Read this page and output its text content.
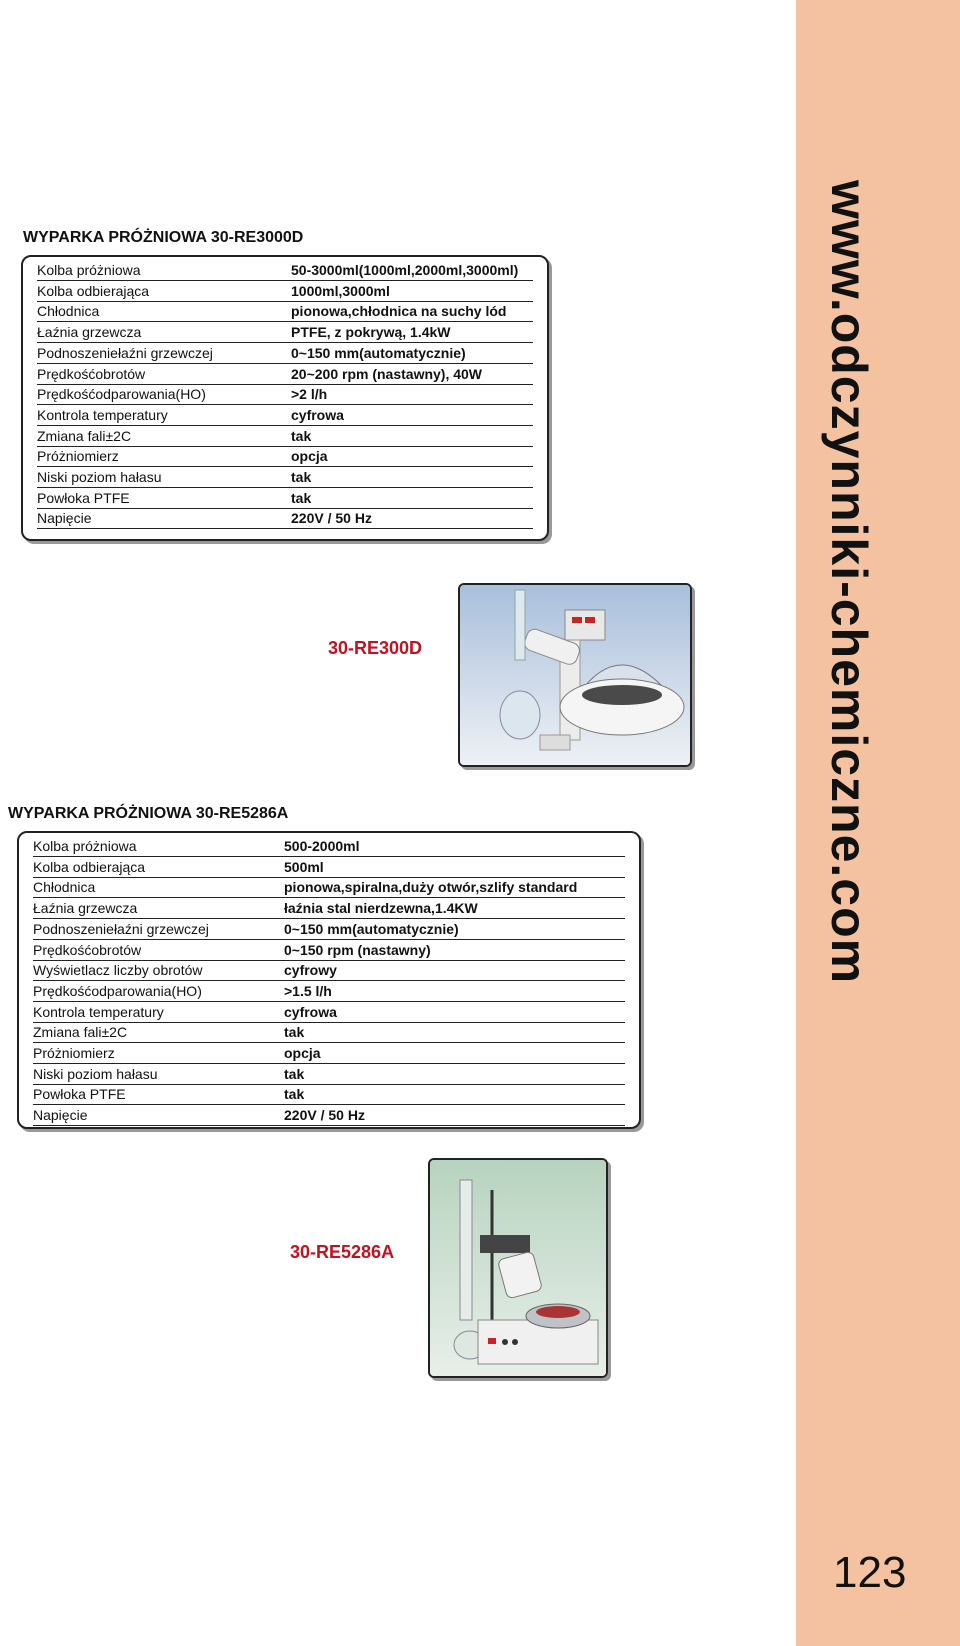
www.odczynniki-chemiczne.com
123
WYPARKA PRÓŻNIOWA 30-RE3000D
Kolba próżniowa	50-3000ml(1000ml,2000ml,3000ml)
Kolba odbierająca	1000ml,3000ml
Chłodnica	pionowa,chłodnica na suchy lód
Łaźnia grzewcza	PTFE, z pokrywą, 1.4kW
Podnoszeniełaźni grzewczej	0~150 mm(automatycznie)
Prędkośćobrotów	20~200 rpm (nastawny), 40W
Prędkośćodparowania(HO)	>2 l/h
Kontrola temperatury	cyfrowa
Zmiana fali±2C	tak
Próżniomierz	opcja
Niski poziom hałasu	tak
Powłoka PTFE	tak
Napięcie	220V / 50 Hz
30-RE300D
WYPARKA PRÓŻNIOWA 30-RE5286A
Kolba próżniowa	500-2000ml
Kolba odbierająca	500ml
Chłodnica	pionowa,spiralna,duży otwór,szlify standard
Łaźnia grzewcza	łaźnia stal nierdzewna,1.4KW
Podnoszeniełaźni grzewczej	0~150 mm(automatycznie)
Prędkośćobrotów	0~150 rpm (nastawny)
Wyświetlacz liczby obrotów	cyfrowy
Prędkośćodparowania(HO)	>1.5 l/h
Kontrola temperatury	cyfrowa
Zmiana fali±2C	tak
Próżniomierz	opcja
Niski poziom hałasu	tak
Powłoka PTFE	tak
Napięcie	220V / 50 Hz
30-RE5286A
